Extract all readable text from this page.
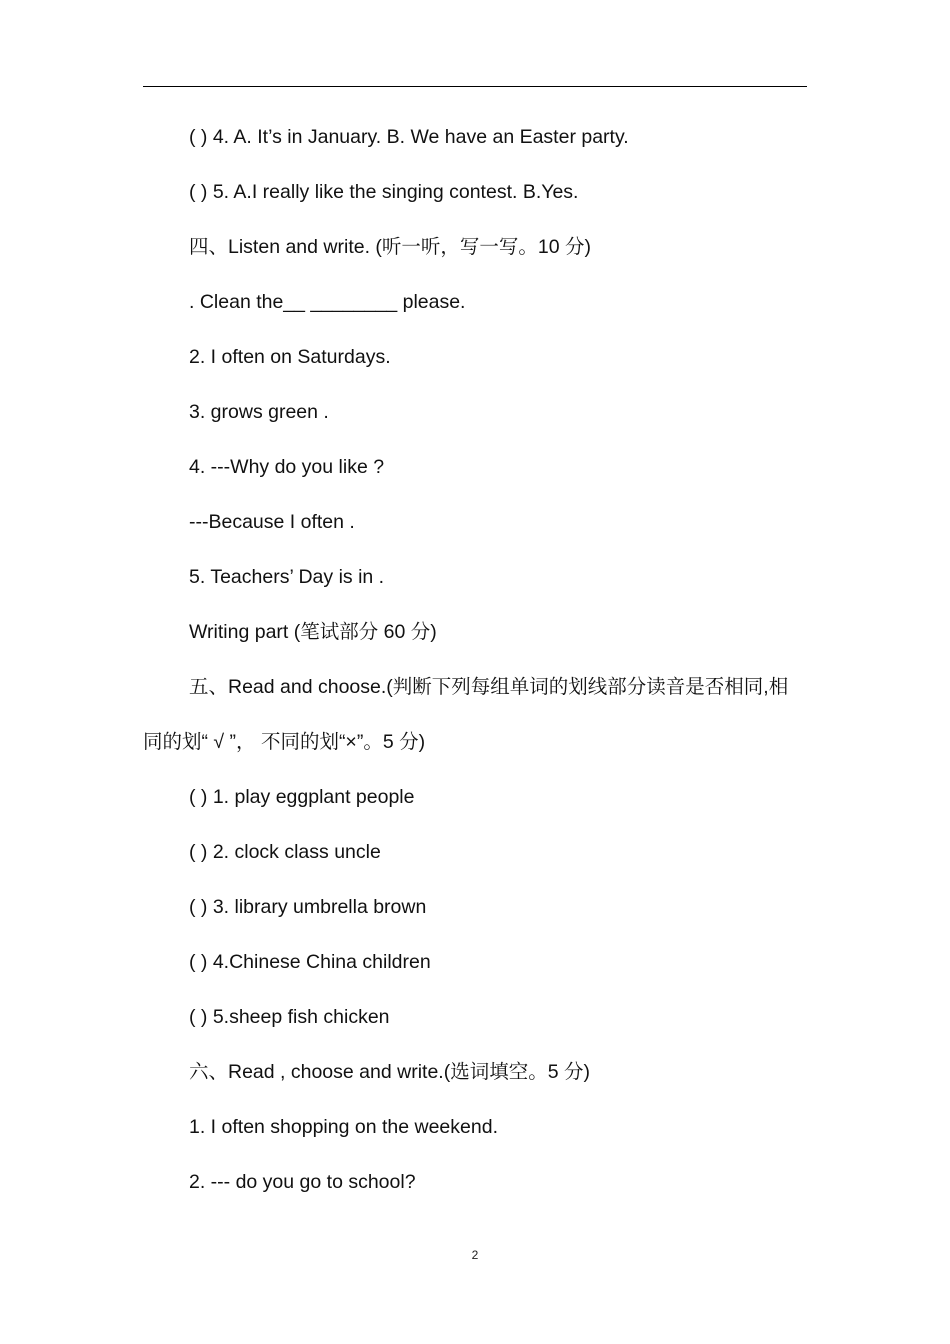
( ) 4. A. It’s in January. B. We have an Easter party.
( ) 5. A.I really like the singing contest. B.Yes.
四、Listen and write. (听一听，写一写。10 分)
. Clean the__ ________ please.
2. I often on Saturdays.
3. grows green .
4. ---Why do you like ?
---Because I often .
5. Teachers’ Day is in .
Writing part (笔试部分 60 分)
五、Read and choose.(判断下列每组单词的划线部分读音是否相同,相同的划“ √ ”， 不同的划“×”。5 分)
( ) 1. play eggplant people
( ) 2. clock class uncle
( ) 3. library umbrella brown
( ) 4.Chinese China children
( ) 5.sheep fish chicken
六、Read , choose and write.(选词填空。5 分)
1. I often shopping on the weekend.
2. --- do you go to school?
2
